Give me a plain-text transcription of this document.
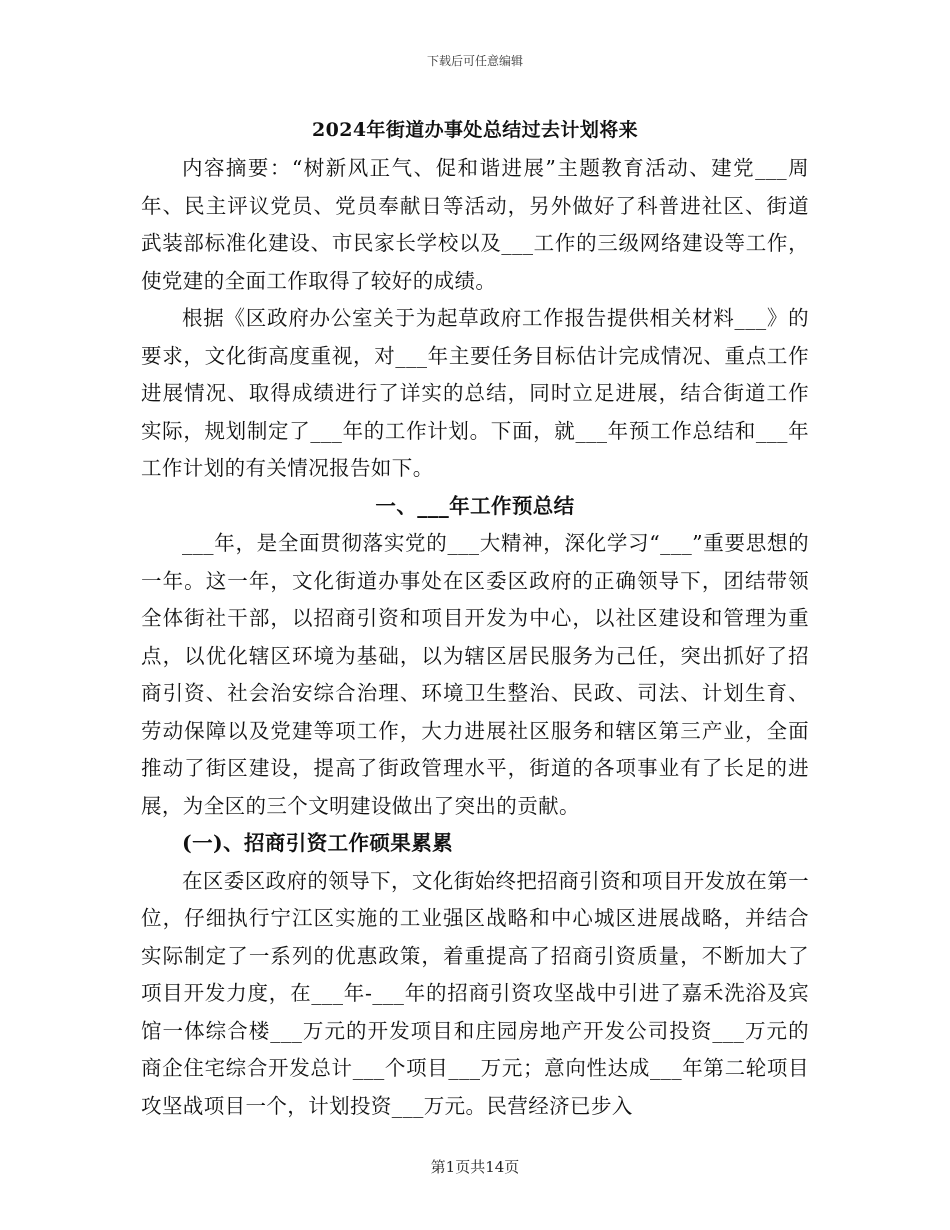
下载后可任意编辑
2024年街道办事处总结过去计划将来

内容摘要：“树新风正气、促和谐进展”主题教育活动、建党___周年、民主评议党员、党员奉献日等活动，另外做好了科普进社区、街道武装部标准化建设、市民家长学校以及___工作的三级网络建设等工作，使党建的全面工作取得了较好的成绩。

根据《区政府办公室关于为起草政府工作报告提供相关材料___》的要求，文化街高度重视，对___年主要任务目标估计完成情况、重点工作进展情况、取得成绩进行了详实的总结，同时立足进展，结合街道工作实际，规划制定了___年的工作计划。下面，就___年预工作总结和___年工作计划的有关情况报告如下。

一、___年工作预总结

___年，是全面贯彻落实党的___大精神，深化学习“___”重要思想的一年。这一年，文化街道办事处在区委区政府的正确领导下，团结带领全体街社干部，以招商引资和项目开发为中心，以社区建设和管理为重点，以优化辖区环境为基础，以为辖区居民服务为己任，突出抓好了招商引资、社会治安综合治理、环境卫生整治、民政、司法、计划生育、劳动保障以及党建等项工作，大力进展社区服务和辖区第三产业，全面推动了街区建设，提高了街政管理水平，街道的各项事业有了长足的进展，为全区的三个文明建设做出了突出的贡献。

(一)、招商引资工作硕果累累

在区委区政府的领导下，文化街始终把招商引资和项目开发放在第一位，仔细执行宁江区实施的工业强区战略和中心城区进展战略，并结合实际制定了一系列的优惠政策，着重提高了招商引资质量，不断加大了项目开发力度，在___年-___年的招商引资攻坚战中引进了嘉禾洗浴及宾馆一体综合楼___万元的开发项目和庄园房地产开发公司投资___万元的商企住宅综合开发总计___个项目___万元；意向性达成___年第二轮项目攻坚战项目一个，计划投资___万元。民营经济已步入

第1页共14页
